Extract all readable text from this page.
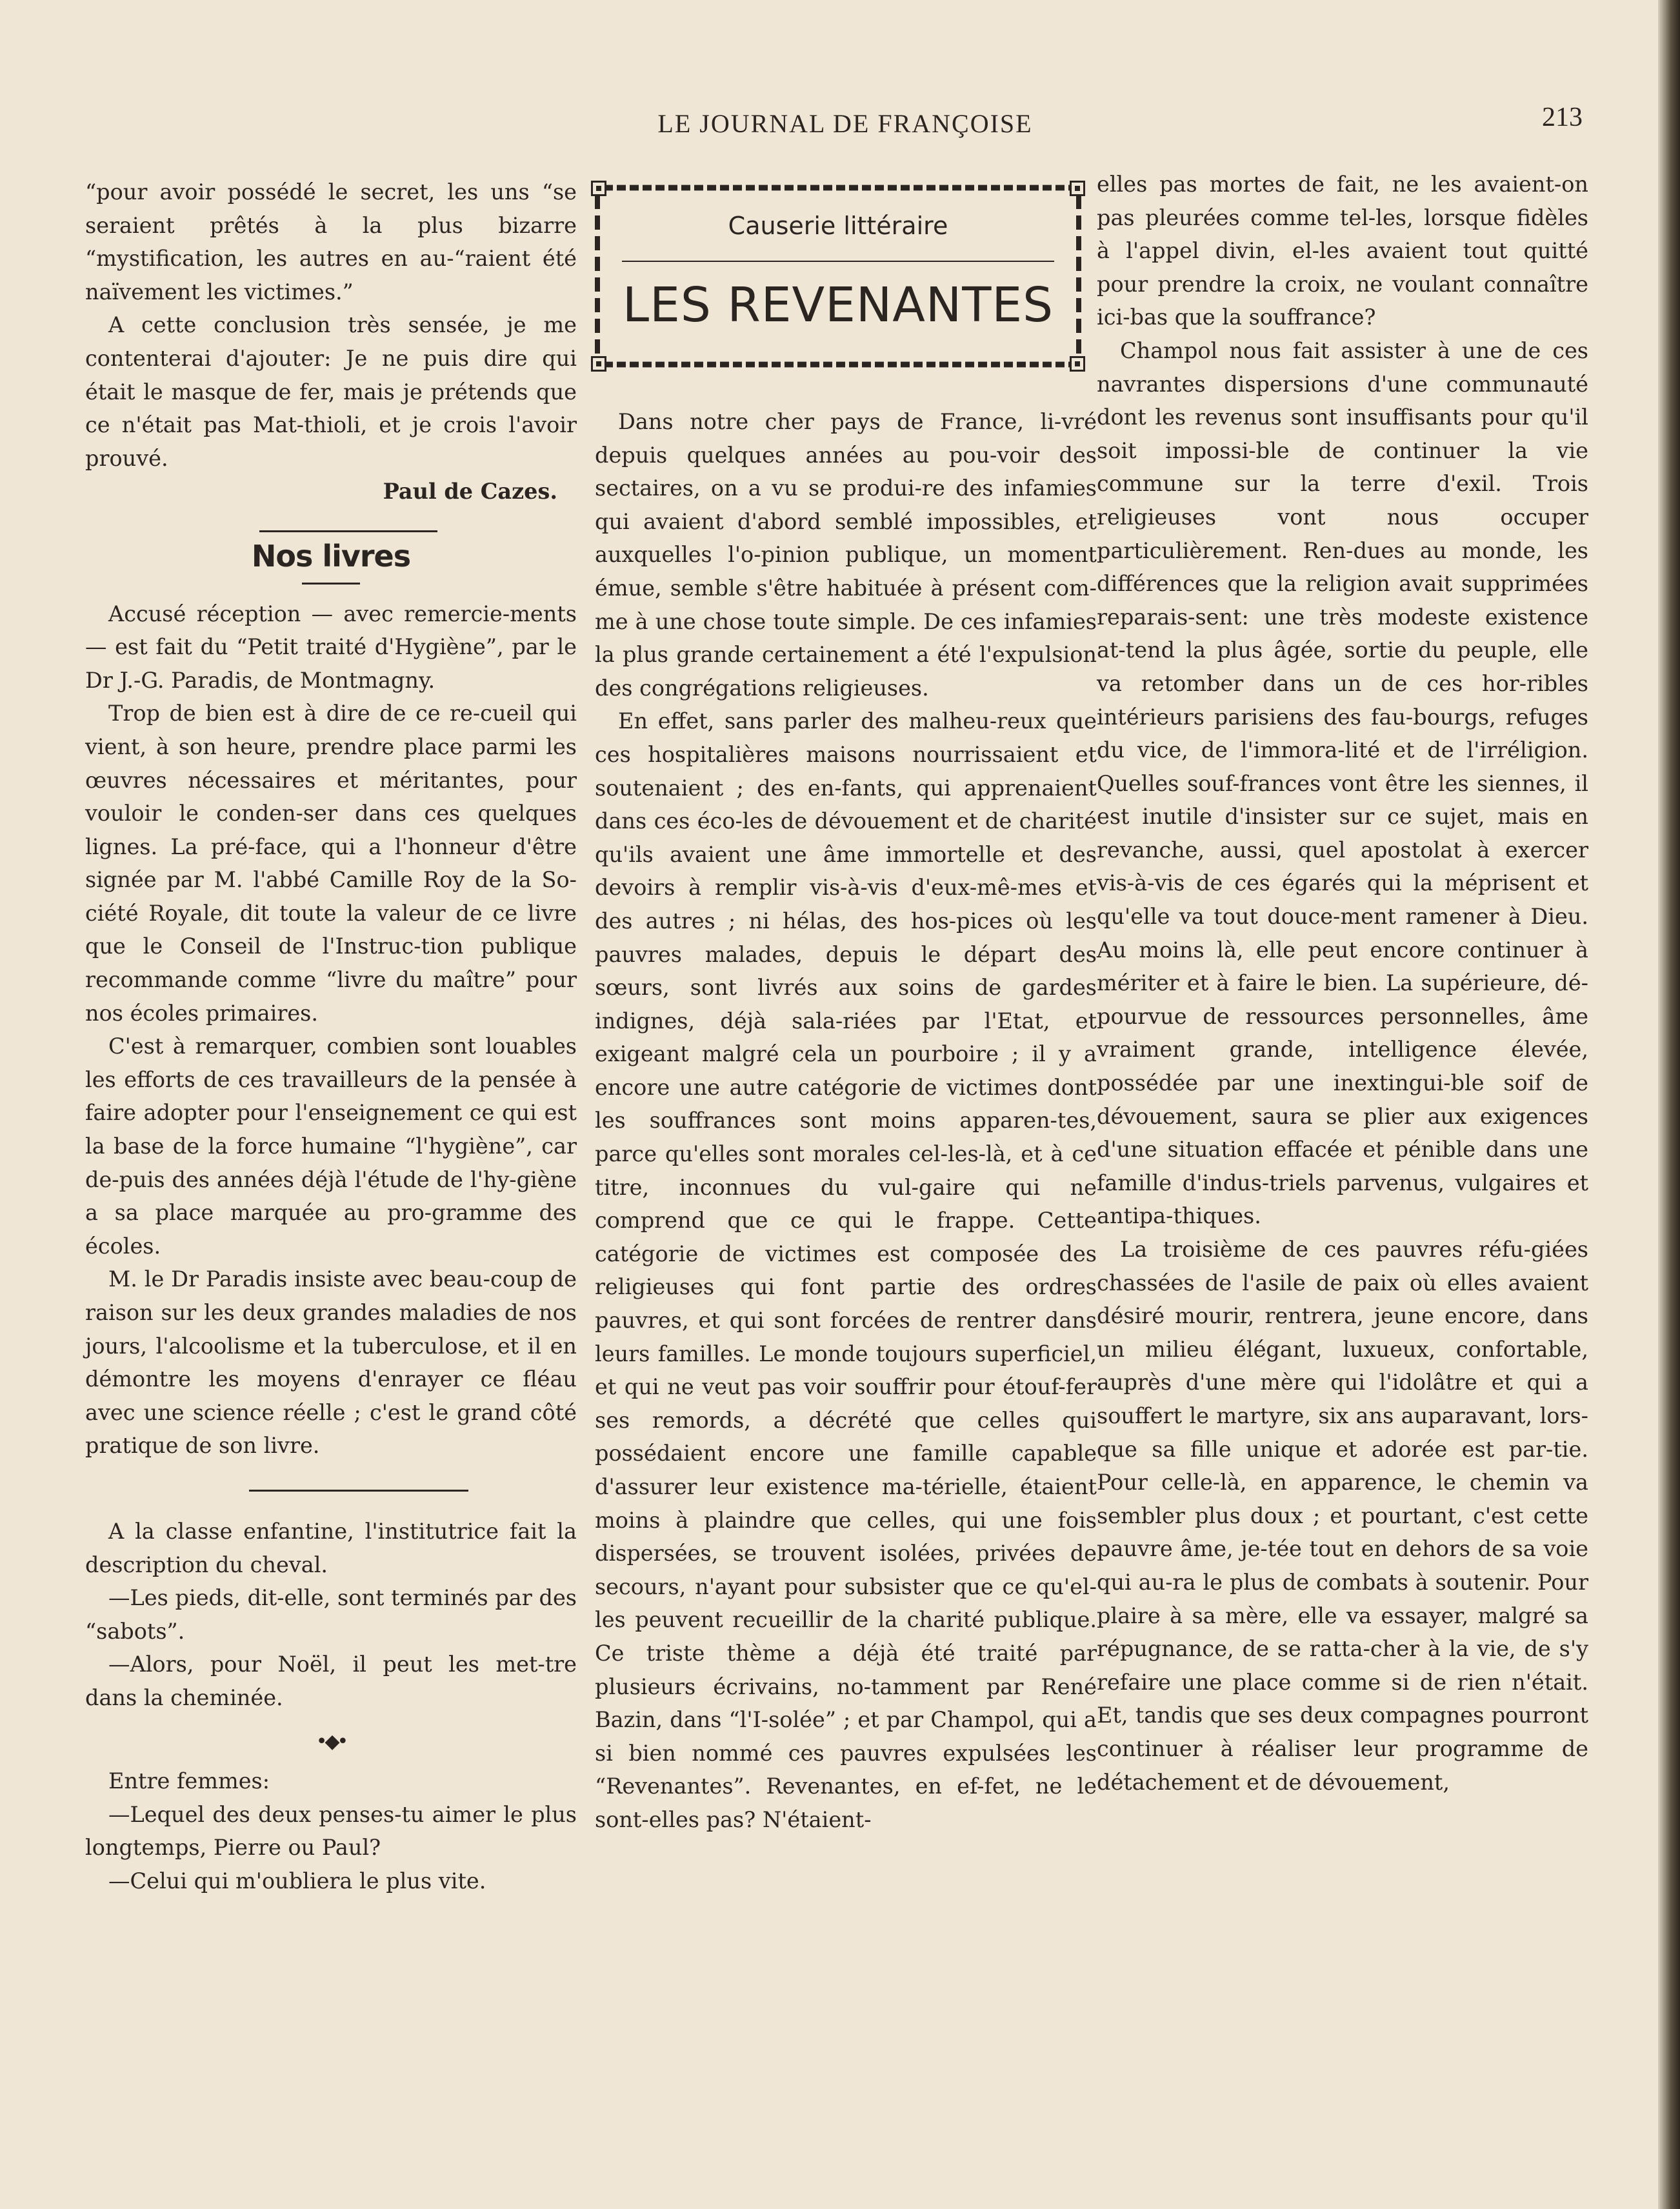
LE JOURNAL DE FRANÇOISE	213

“pour avoir possédé le secret, les uns “se seraient prêtés à la plus bizarre “mystification, les autres en au-“raient été naïvement les victimes.”

A cette conclusion très sensée, je me contenterai d'ajouter: Je ne puis dire qui était le masque de fer, mais je prétends que ce n'était pas Mat-thioli, et je crois l'avoir prouvé.

Paul de Cazes.

Nos livres

Accusé réception — avec remercie-ments — est fait du “Petit traité d'Hygiène”, par le Dr J.-G. Paradis, de Montmagny.

Trop de bien est à dire de ce re-cueil qui vient, à son heure, prendre place parmi les œuvres nécessaires et méritantes, pour vouloir le conden-ser dans ces quelques lignes. La pré-face, qui a l'honneur d'être signée par M. l'abbé Camille Roy de la So-ciété Royale, dit toute la valeur de ce livre que le Conseil de l'Instruc-tion publique recommande comme “livre du maître” pour nos écoles primaires.

C'est à remarquer, combien sont louables les efforts de ces travailleurs de la pensée à faire adopter pour l'enseignement ce qui est la base de la force humaine “l'hygiène”, car de-puis des années déjà l'étude de l'hy-giène a sa place marquée au pro-gramme des écoles.

M. le Dr Paradis insiste avec beau-coup de raison sur les deux grandes maladies de nos jours, l'alcoolisme et la tuberculose, et il en démontre les moyens d'enrayer ce fléau avec une science réelle ; c'est le grand côté pratique de son livre.

A la classe enfantine, l'institutrice fait la description du cheval.

—Les pieds, dit-elle, sont terminés par des “sabots”.

—Alors, pour Noël, il peut les met-tre dans la cheminée.

•◆•

Entre femmes:

—Lequel des deux penses-tu aimer le plus longtemps, Pierre ou Paul?

—Celui qui m'oubliera le plus vite.

Causerie littéraire
LES REVENANTES

Dans notre cher pays de France, li-vré depuis quelques années au pou-voir des sectaires, on a vu se produi-re des infamies qui avaient d'abord semblé impossibles, et auxquelles l'o-pinion publique, un moment émue, semble s'être habituée à présent com-me à une chose toute simple. De ces infamies la plus grande certainement a été l'expulsion des congrégations religieuses.

En effet, sans parler des malheu-reux que ces hospitalières maisons nourrissaient et soutenaient ; des en-fants, qui apprenaient dans ces éco-les de dévouement et de charité qu'ils avaient une âme immortelle et des devoirs à remplir vis-à-vis d'eux-mê-mes et des autres ; ni hélas, des hos-pices où les pauvres malades, depuis le départ des sœurs, sont livrés aux soins de gardes indignes, déjà sala-riées par l'Etat, et exigeant malgré cela un pourboire ; il y a encore une autre catégorie de victimes dont les souffrances sont moins apparen-tes, parce qu'elles sont morales cel-les-là, et à ce titre, inconnues du vul-gaire qui ne comprend que ce qui le frappe. Cette catégorie de victimes est composée des religieuses qui font partie des ordres pauvres, et qui sont forcées de rentrer dans leurs familles. Le monde toujours superficiel, et qui ne veut pas voir souffrir pour étouf-fer ses remords, a décrété que celles qui possédaient encore une famille capable d'assurer leur existence ma-térielle, étaient moins à plaindre que celles, qui une fois dispersées, se trouvent isolées, privées de secours, n'ayant pour subsister que ce qu'el-les peuvent recueillir de la charité publique. Ce triste thème a déjà été traité par plusieurs écrivains, no-tamment par René Bazin, dans “l'I-solée” ; et par Champol, qui a si bien nommé ces pauvres expulsées les “Revenantes”. Revenantes, en ef-fet, ne le sont-elles pas? N'étaient-

elles pas mortes de fait, ne les avaient-on pas pleurées comme tel-les, lorsque fidèles à l'appel divin, el-les avaient tout quitté pour prendre la croix, ne voulant connaître ici-bas que la souffrance?

Champol nous fait assister à une de ces navrantes dispersions d'une communauté dont les revenus sont insuffisants pour qu'il soit impossi-ble de continuer la vie commune sur la terre d'exil. Trois religieuses vont nous occuper particulièrement. Ren-dues au monde, les différences que la religion avait supprimées reparais-sent: une très modeste existence at-tend la plus âgée, sortie du peuple, elle va retomber dans un de ces hor-ribles intérieurs parisiens des fau-bourgs, refuges du vice, de l'immora-lité et de l'irréligion. Quelles souf-frances vont être les siennes, il est inutile d'insister sur ce sujet, mais en revanche, aussi, quel apostolat à exercer vis-à-vis de ces égarés qui la méprisent et qu'elle va tout douce-ment ramener à Dieu. Au moins là, elle peut encore continuer à mériter et à faire le bien. La supérieure, dé-pourvue de ressources personnelles, âme vraiment grande, intelligence élevée, possédée par une inextingui-ble soif de dévouement, saura se plier aux exigences d'une situation effacée et pénible dans une famille d'indus-triels parvenus, vulgaires et antipa-thiques.

La troisième de ces pauvres réfu-giées chassées de l'asile de paix où elles avaient désiré mourir, rentrera, jeune encore, dans un milieu élégant, luxueux, confortable, auprès d'une mère qui l'idolâtre et qui a souffert le martyre, six ans auparavant, lors-que sa fille unique et adorée est par-tie. Pour celle-là, en apparence, le chemin va sembler plus doux ; et pourtant, c'est cette pauvre âme, je-tée tout en dehors de sa voie qui au-ra le plus de combats à soutenir. Pour plaire à sa mère, elle va essayer, malgré sa répugnance, de se ratta-cher à la vie, de s'y refaire une place comme si de rien n'était. Et, tandis que ses deux compagnes pourront continuer à réaliser leur programme de détachement et de dévouement,
